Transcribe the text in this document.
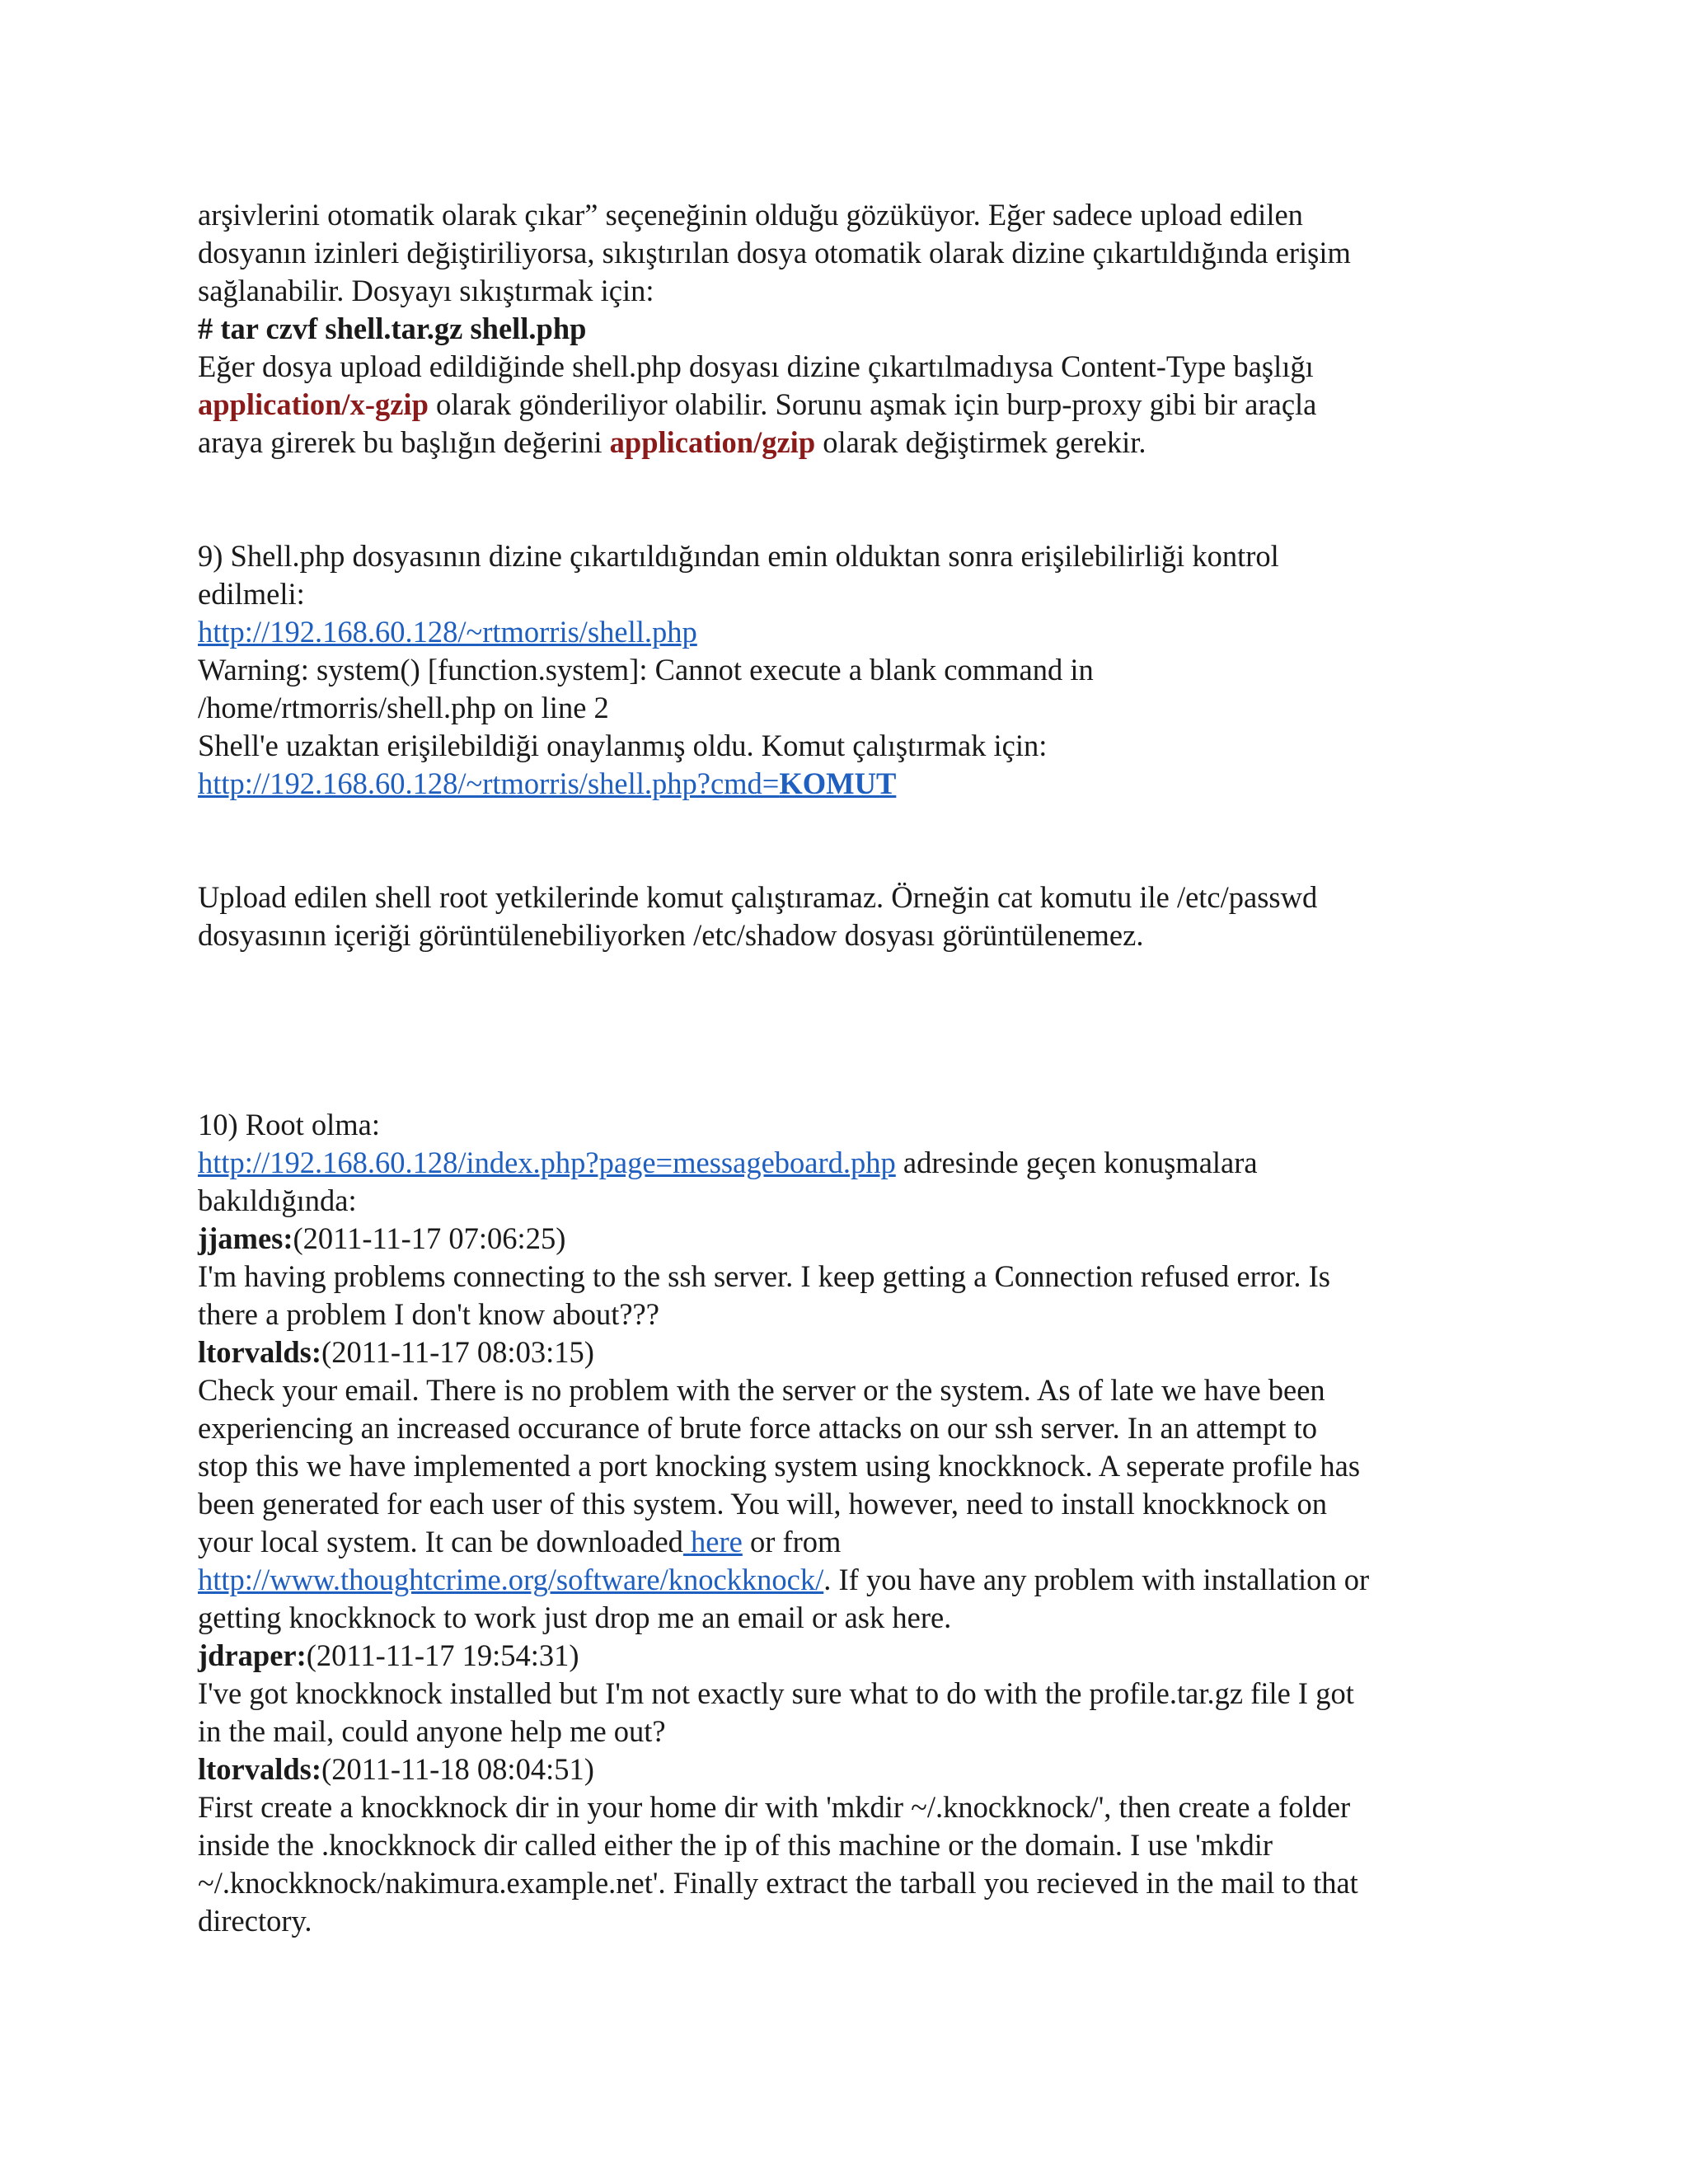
arşivlerini otomatik olarak çıkar” seçeneğinin olduğu gözüküyor. Eğer sadece upload edilen
dosyanın izinleri değiştiriliyorsa, sıkıştırılan dosya otomatik olarak dizine çıkartıldığında erişim
sağlanabilir. Dosyayı sıkıştırmak için:
# tar czvf shell.tar.gz shell.php
Eğer dosya upload edildiğinde shell.php dosyası dizine çıkartılmadıysa Content-Type başlığı
application/x-gzip olarak gönderiliyor olabilir. Sorunu aşmak için burp-proxy gibi bir araçla
araya girerek bu başlığın değerini application/gzip olarak değiştirmek gerekir.
9) Shell.php dosyasının dizine çıkartıldığından emin olduktan sonra erişilebilirliği kontrol
edilmeli:
http://192.168.60.128/~rtmorris/shell.php
Warning: system() [function.system]: Cannot execute a blank command in
/home/rtmorris/shell.php on line 2
Shell'e uzaktan erişilebildiği onaylanmış oldu. Komut çalıştırmak için:
http://192.168.60.128/~rtmorris/shell.php?cmd=KOMUT
Upload edilen shell root yetkilerinde komut çalıştıramaz. Örneğin cat komutu ile /etc/passwd
dosyasının içeriği görüntülenebiliyorken /etc/shadow dosyası görüntülenemez.
10) Root olma:
http://192.168.60.128/index.php?page=messageboard.php adresinde geçen konuşmalara
bakıldığında:
jjames:(2011-11-17 07:06:25)
I'm having problems connecting to the ssh server. I keep getting a Connection refused error. Is
there a problem I don't know about???
ltorvalds:(2011-11-17 08:03:15)
Check your email. There is no problem with the server or the system. As of late we have been
experiencing an increased occurance of brute force attacks on our ssh server. In an attempt to
stop this we have implemented a port knocking system using knockknock. A seperate profile has
been generated for each user of this system. You will, however, need to install knockknock on
your local system. It can be downloaded here or from
http://www.thoughtcrime.org/software/knockknock/. If you have any problem with installation or
getting knockknock to work just drop me an email or ask here.
jdraper:(2011-11-17 19:54:31)
I've got knockknock installed but I'm not exactly sure what to do with the profile.tar.gz file I got
in the mail, could anyone help me out?
ltorvalds:(2011-11-18 08:04:51)
First create a knockknock dir in your home dir with 'mkdir ~/.knockknock/', then create a folder
inside the .knockknock dir called either the ip of this machine or the domain. I use 'mkdir
~/.knockknock/nakimura.example.net'. Finally extract the tarball you recieved in the mail to that
directory.
